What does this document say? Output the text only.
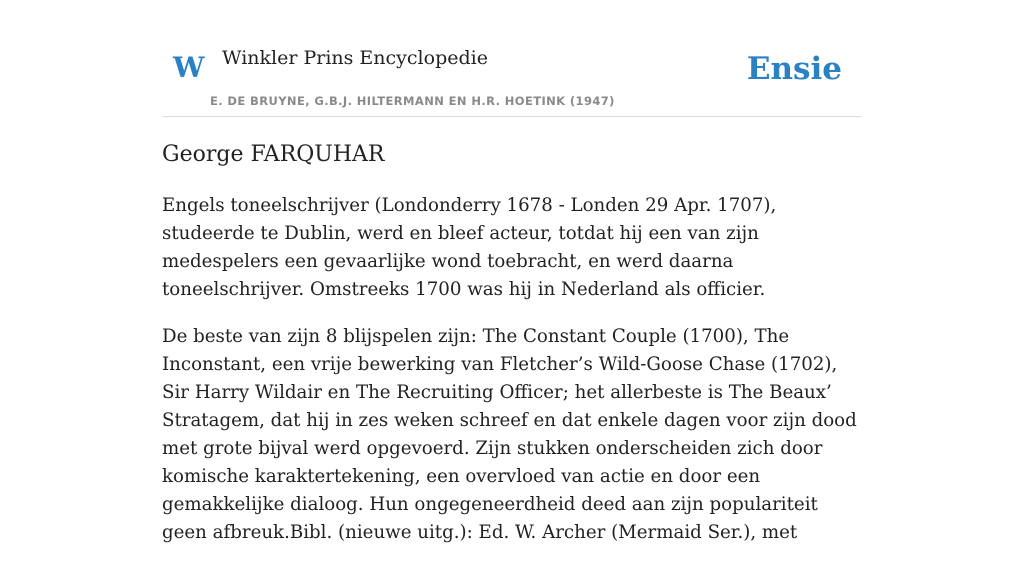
W Winkler Prins Encyclopedie
E. DE BRUYNE, G.B.J. HILTERMANN EN H.R. HOETINK (1947)
Ensie
George FARQUHAR

Engels toneelschrijver (Londonderry 1678 - Londen 29 Apr. 1707), studeerde te Dublin, werd en bleef acteur, totdat hij een van zijn medespelers een gevaarlijke wond toebracht, en werd daarna toneelschrijver. Omstreeks 1700 was hij in Nederland als officier.

De beste van zijn 8 blijspelen zijn: The Constant Couple (1700), The Inconstant, een vrije bewerking van Fletcher’s Wild-Goose Chase (1702), Sir Harry Wildair en The Recruiting Officer; het allerbeste is The Beaux’ Stratagem, dat hij in zes weken schreef en dat enkele dagen voor zijn dood met grote bijval werd opgevoerd. Zijn stukken onderscheiden zich door komische karaktertekening, een overvloed van actie en door een gemakkelijke dialoog. Hun ongegeneerdheid deed aan zijn populariteit geen afbreuk.Bibl. (nieuwe uitg.): Ed. W. Archer (Mermaid Ser.), met
